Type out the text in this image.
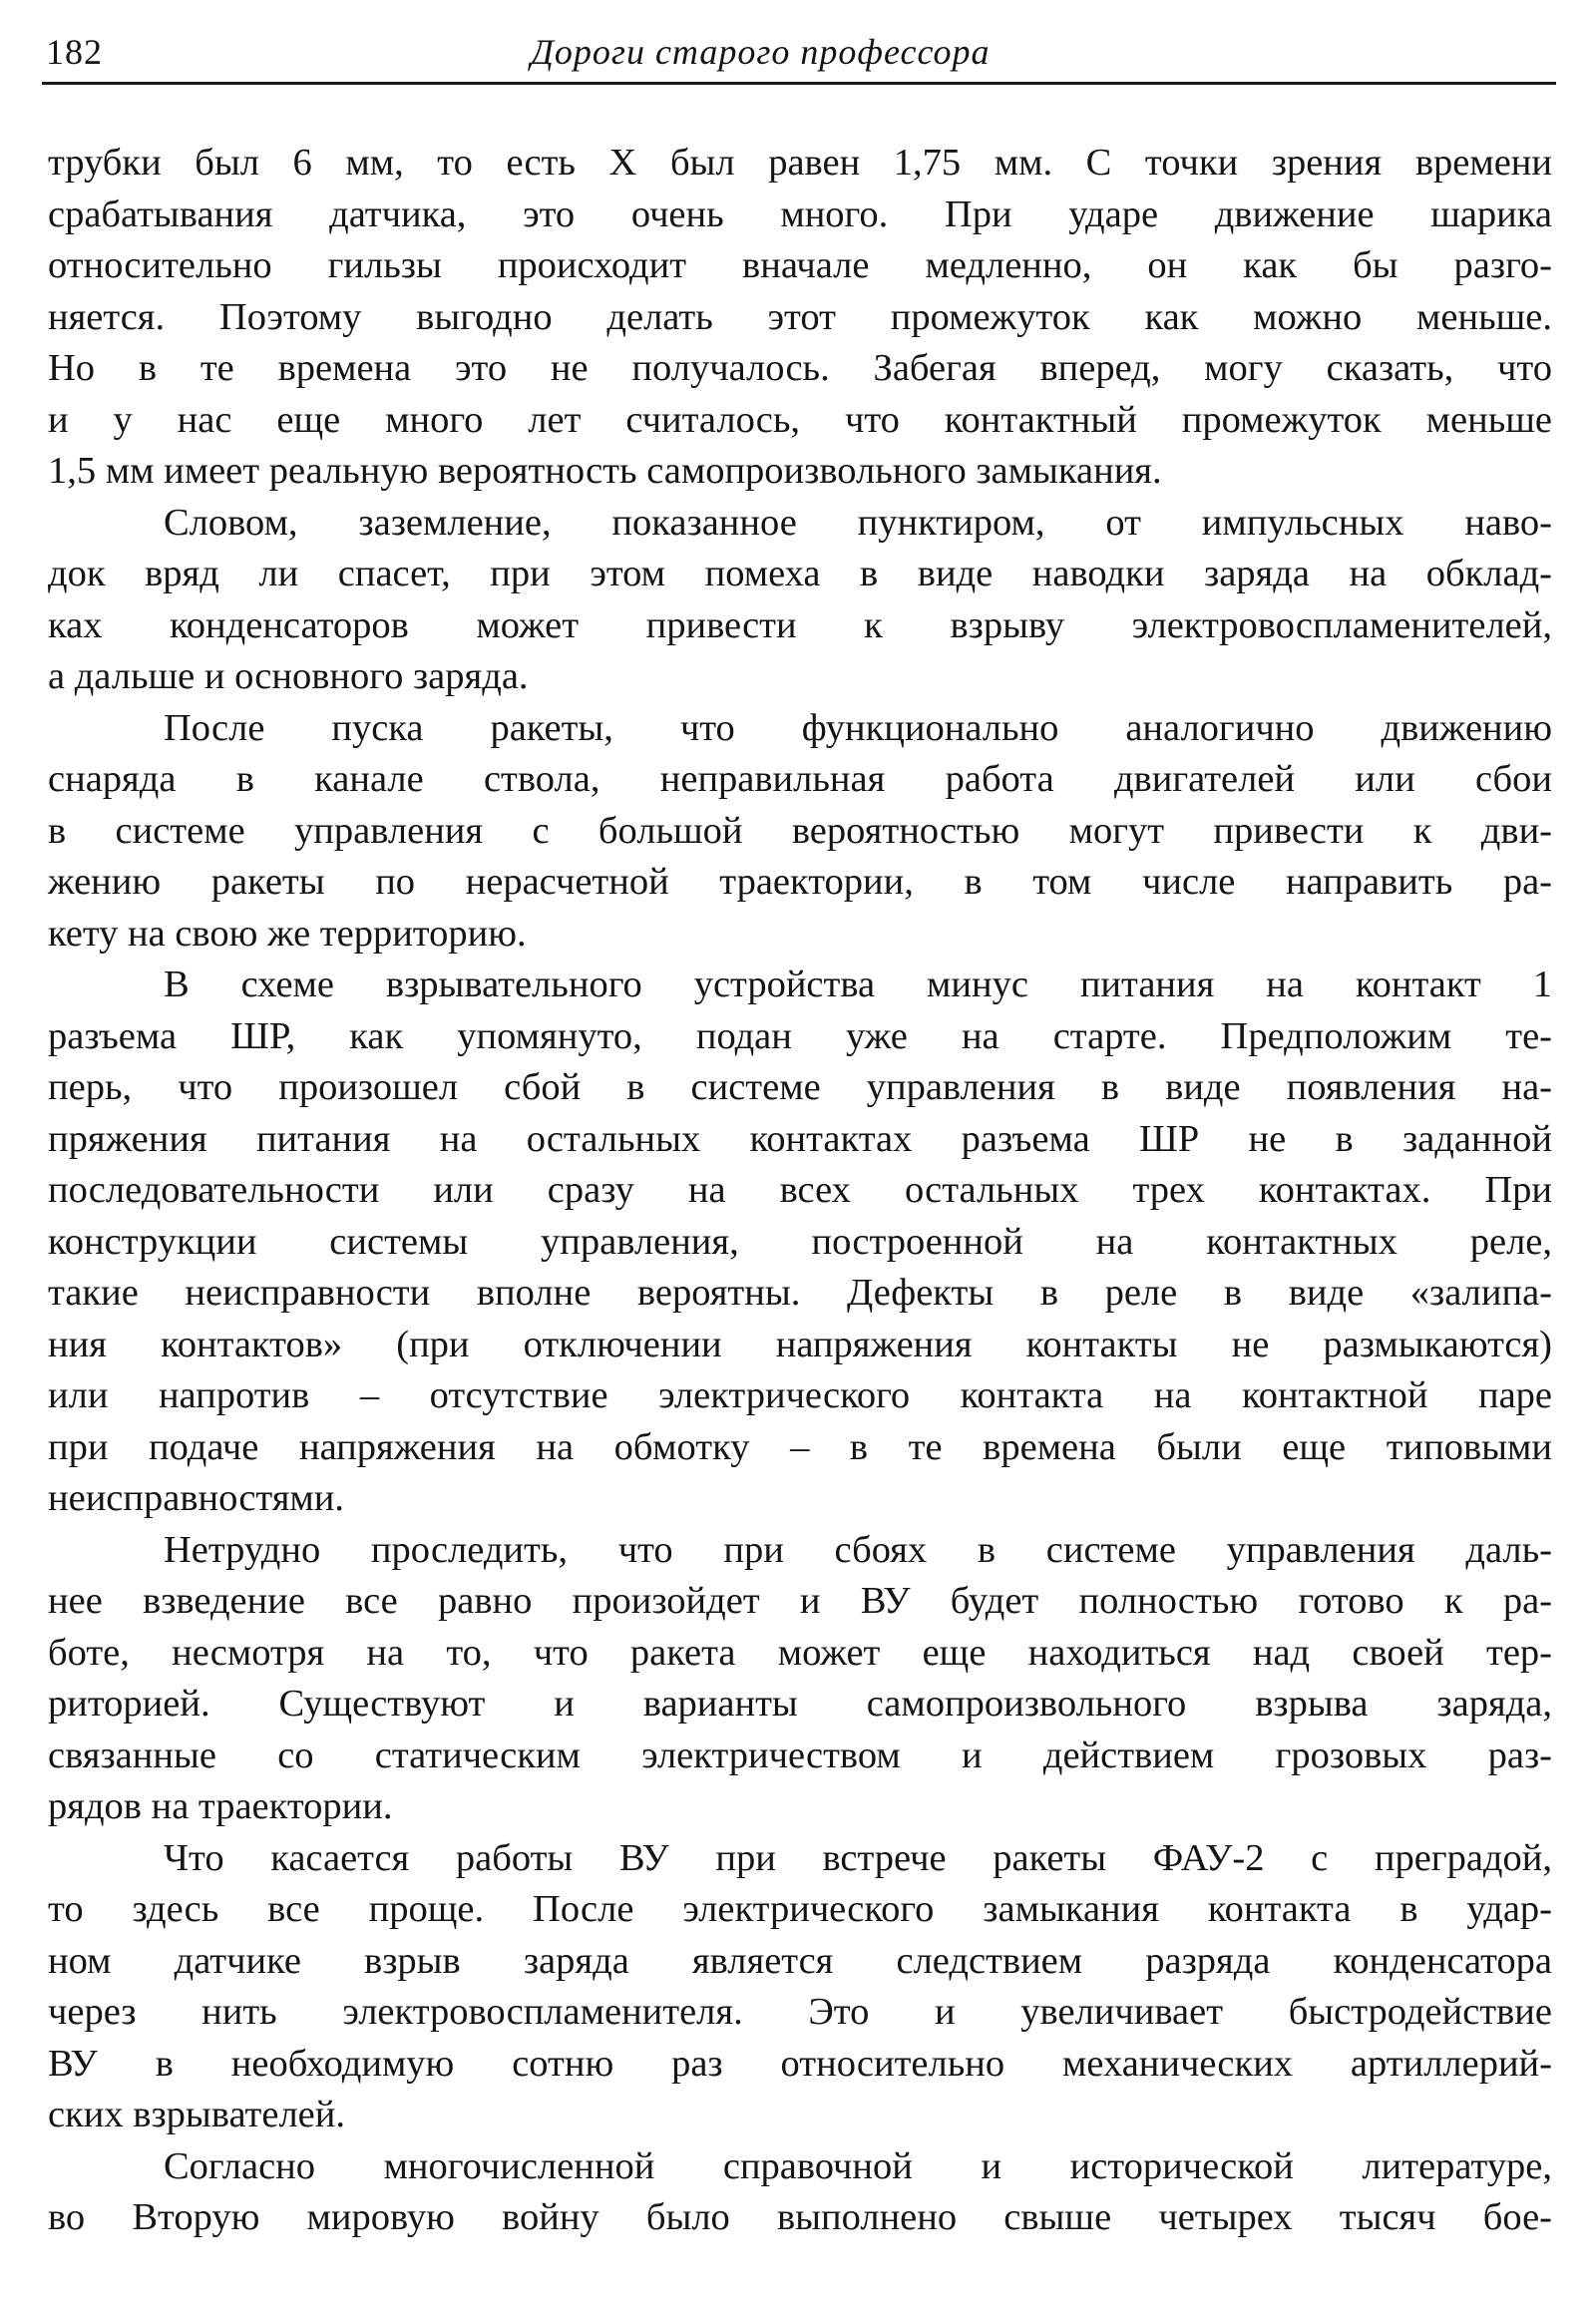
182	Дороги старого профессора
трубки был 6 мм, то есть X был равен 1,75 мм. С точки зрения времени
срабатывания датчика, это очень много. При ударе движение шарика
относительно гильзы происходит вначале медленно, он как бы разго-
няется. Поэтому выгодно делать этот промежуток как можно меньше.
Но в те времена это не получалось. Забегая вперед, могу сказать, что
и у нас еще много лет считалось, что контактный промежуток меньше
1,5 мм имеет реальную вероятность самопроизвольного замыкания.
Словом, заземление, показанное пунктиром, от импульсных наво-
док вряд ли спасет, при этом помеха в виде наводки заряда на обклад-
ках конденсаторов может привести к взрыву электровоспламенителей,
а дальше и основного заряда.
После пуска ракеты, что функционально аналогично движению
снаряда в канале ствола, неправильная работа двигателей или сбои
в системе управления с большой вероятностью могут привести к дви-
жению ракеты по нерасчетной траектории, в том числе направить ра-
кету на свою же территорию.
В схеме взрывательного устройства минус питания на контакт 1
разъема ШР, как упомянуто, подан уже на старте. Предположим те-
перь, что произошел сбой в системе управления в виде появления на-
пряжения питания на остальных контактах разъема ШР не в заданной
последовательности или сразу на всех остальных трех контактах. При
конструкции системы управления, построенной на контактных реле,
такие неисправности вполне вероятны. Дефекты в реле в виде «залипа-
ния контактов» (при отключении напряжения контакты не размыкаются)
или напротив – отсутствие электрического контакта на контактной паре
при подаче напряжения на обмотку – в те времена были еще типовыми
неисправностями.
Нетрудно проследить, что при сбоях в системе управления даль-
нее взведение все равно произойдет и ВУ будет полностью готово к ра-
боте, несмотря на то, что ракета может еще находиться над своей тер-
риторией. Существуют и варианты самопроизвольного взрыва заряда,
связанные со статическим электричеством и действием грозовых раз-
рядов на траектории.
Что касается работы ВУ при встрече ракеты ФАУ-2 с преградой,
то здесь все проще. После электрического замыкания контакта в удар-
ном датчике взрыв заряда является следствием разряда конденсатора
через нить электровоспламенителя. Это и увеличивает быстродействие
ВУ в необходимую сотню раз относительно механических артиллерий-
ских взрывателей.
Согласно многочисленной справочной и исторической литературе,
во Вторую мировую войну было выполнено свыше четырех тысяч бое-
